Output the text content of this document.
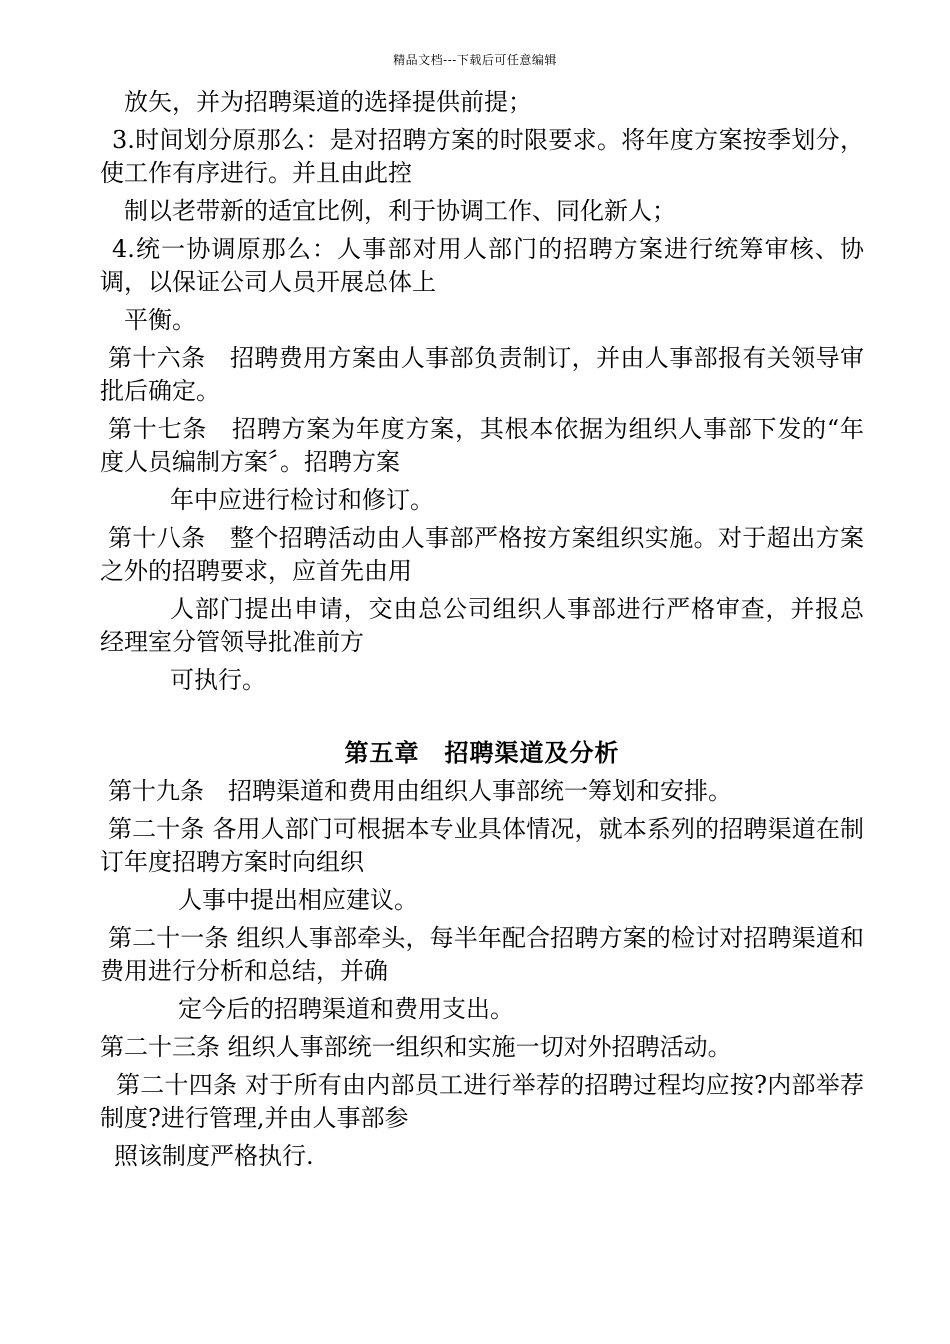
精品文档---下载后可任意编辑

放矢，并为招聘渠道的选择提供前提；

3.时间划分原那么：是对招聘方案的时限要求。将年度方案按季划分，使工作有序进行。并且由此控

制以老带新的适宜比例，利于协调工作、同化新人；

4.统一协调原那么：人事部对用人部门的招聘方案进行统筹审核、协调，以保证公司人员开展总体上

平衡。

第十六条　招聘费用方案由人事部负责制订，并由人事部报有关领导审批后确定。

第十七条　招聘方案为年度方案，其根本依据为组织人事部下发的“年度人员编制方案〞。招聘方案

年中应进行检讨和修订。

第十八条　整个招聘活动由人事部严格按方案组织实施。对于超出方案之外的招聘要求，应首先由用

人部门提出申请，交由总公司组织人事部进行严格审查，并报总经理室分管领导批准前方

可执行。

第五章　招聘渠道及分析

第十九条　招聘渠道和费用由组织人事部统一筹划和安排。

第二十条 各用人部门可根据本专业具体情况，就本系列的招聘渠道在制订年度招聘方案时向组织

人事中提出相应建议。

第二十一条 组织人事部牵头，每半年配合招聘方案的检讨对招聘渠道和费用进行分析和总结，并确

定今后的招聘渠道和费用支出。

第二十三条 组织人事部统一组织和实施一切对外招聘活动。

第二十四条 对于所有由内部员工进行举荐的招聘过程均应按?内部举荐制度?进行管理,并由人事部参

照该制度严格执行.
